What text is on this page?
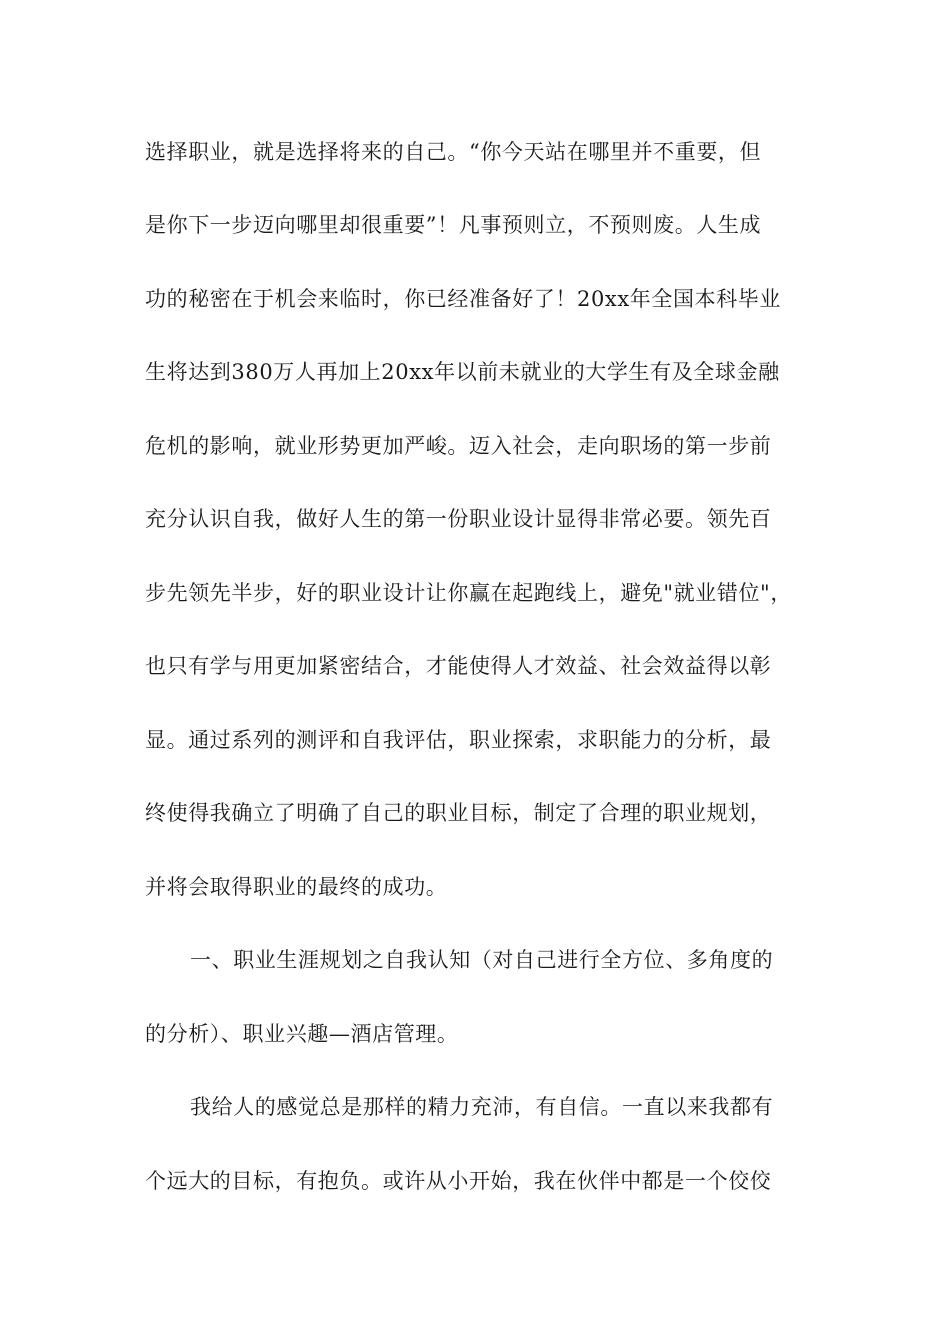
选择职业，就是选择将来的自己。“你今天站在哪里并不重要，但
是你下一步迈向哪里却很重要”！凡事预则立，不预则废。人生成
功的秘密在于机会来临时，你已经准备好了！20xx年全国本科毕业
生将达到380万人再加上20xx年以前未就业的大学生有及全球金融
危机的影响，就业形势更加严峻。迈入社会，走向职场的第一步前
充分认识自我，做好人生的第一份职业设计显得非常必要。领先百
步先领先半步，好的职业设计让你赢在起跑线上，避免"就业错位"，
也只有学与用更加紧密结合，才能使得人才效益、社会效益得以彰
显。通过系列的测评和自我评估，职业探索，求职能力的分析，最
终使得我确立了明确了自己的职业目标，制定了合理的职业规划，
并将会取得职业的最终的成功。
一、职业生涯规划之自我认知（对自己进行全方位、多角度的
的分析）、职业兴趣—酒店管理。
我给人的感觉总是那样的精力充沛，有自信。一直以来我都有
个远大的目标，有抱负。或许从小开始，我在伙伴中都是一个佼佼
